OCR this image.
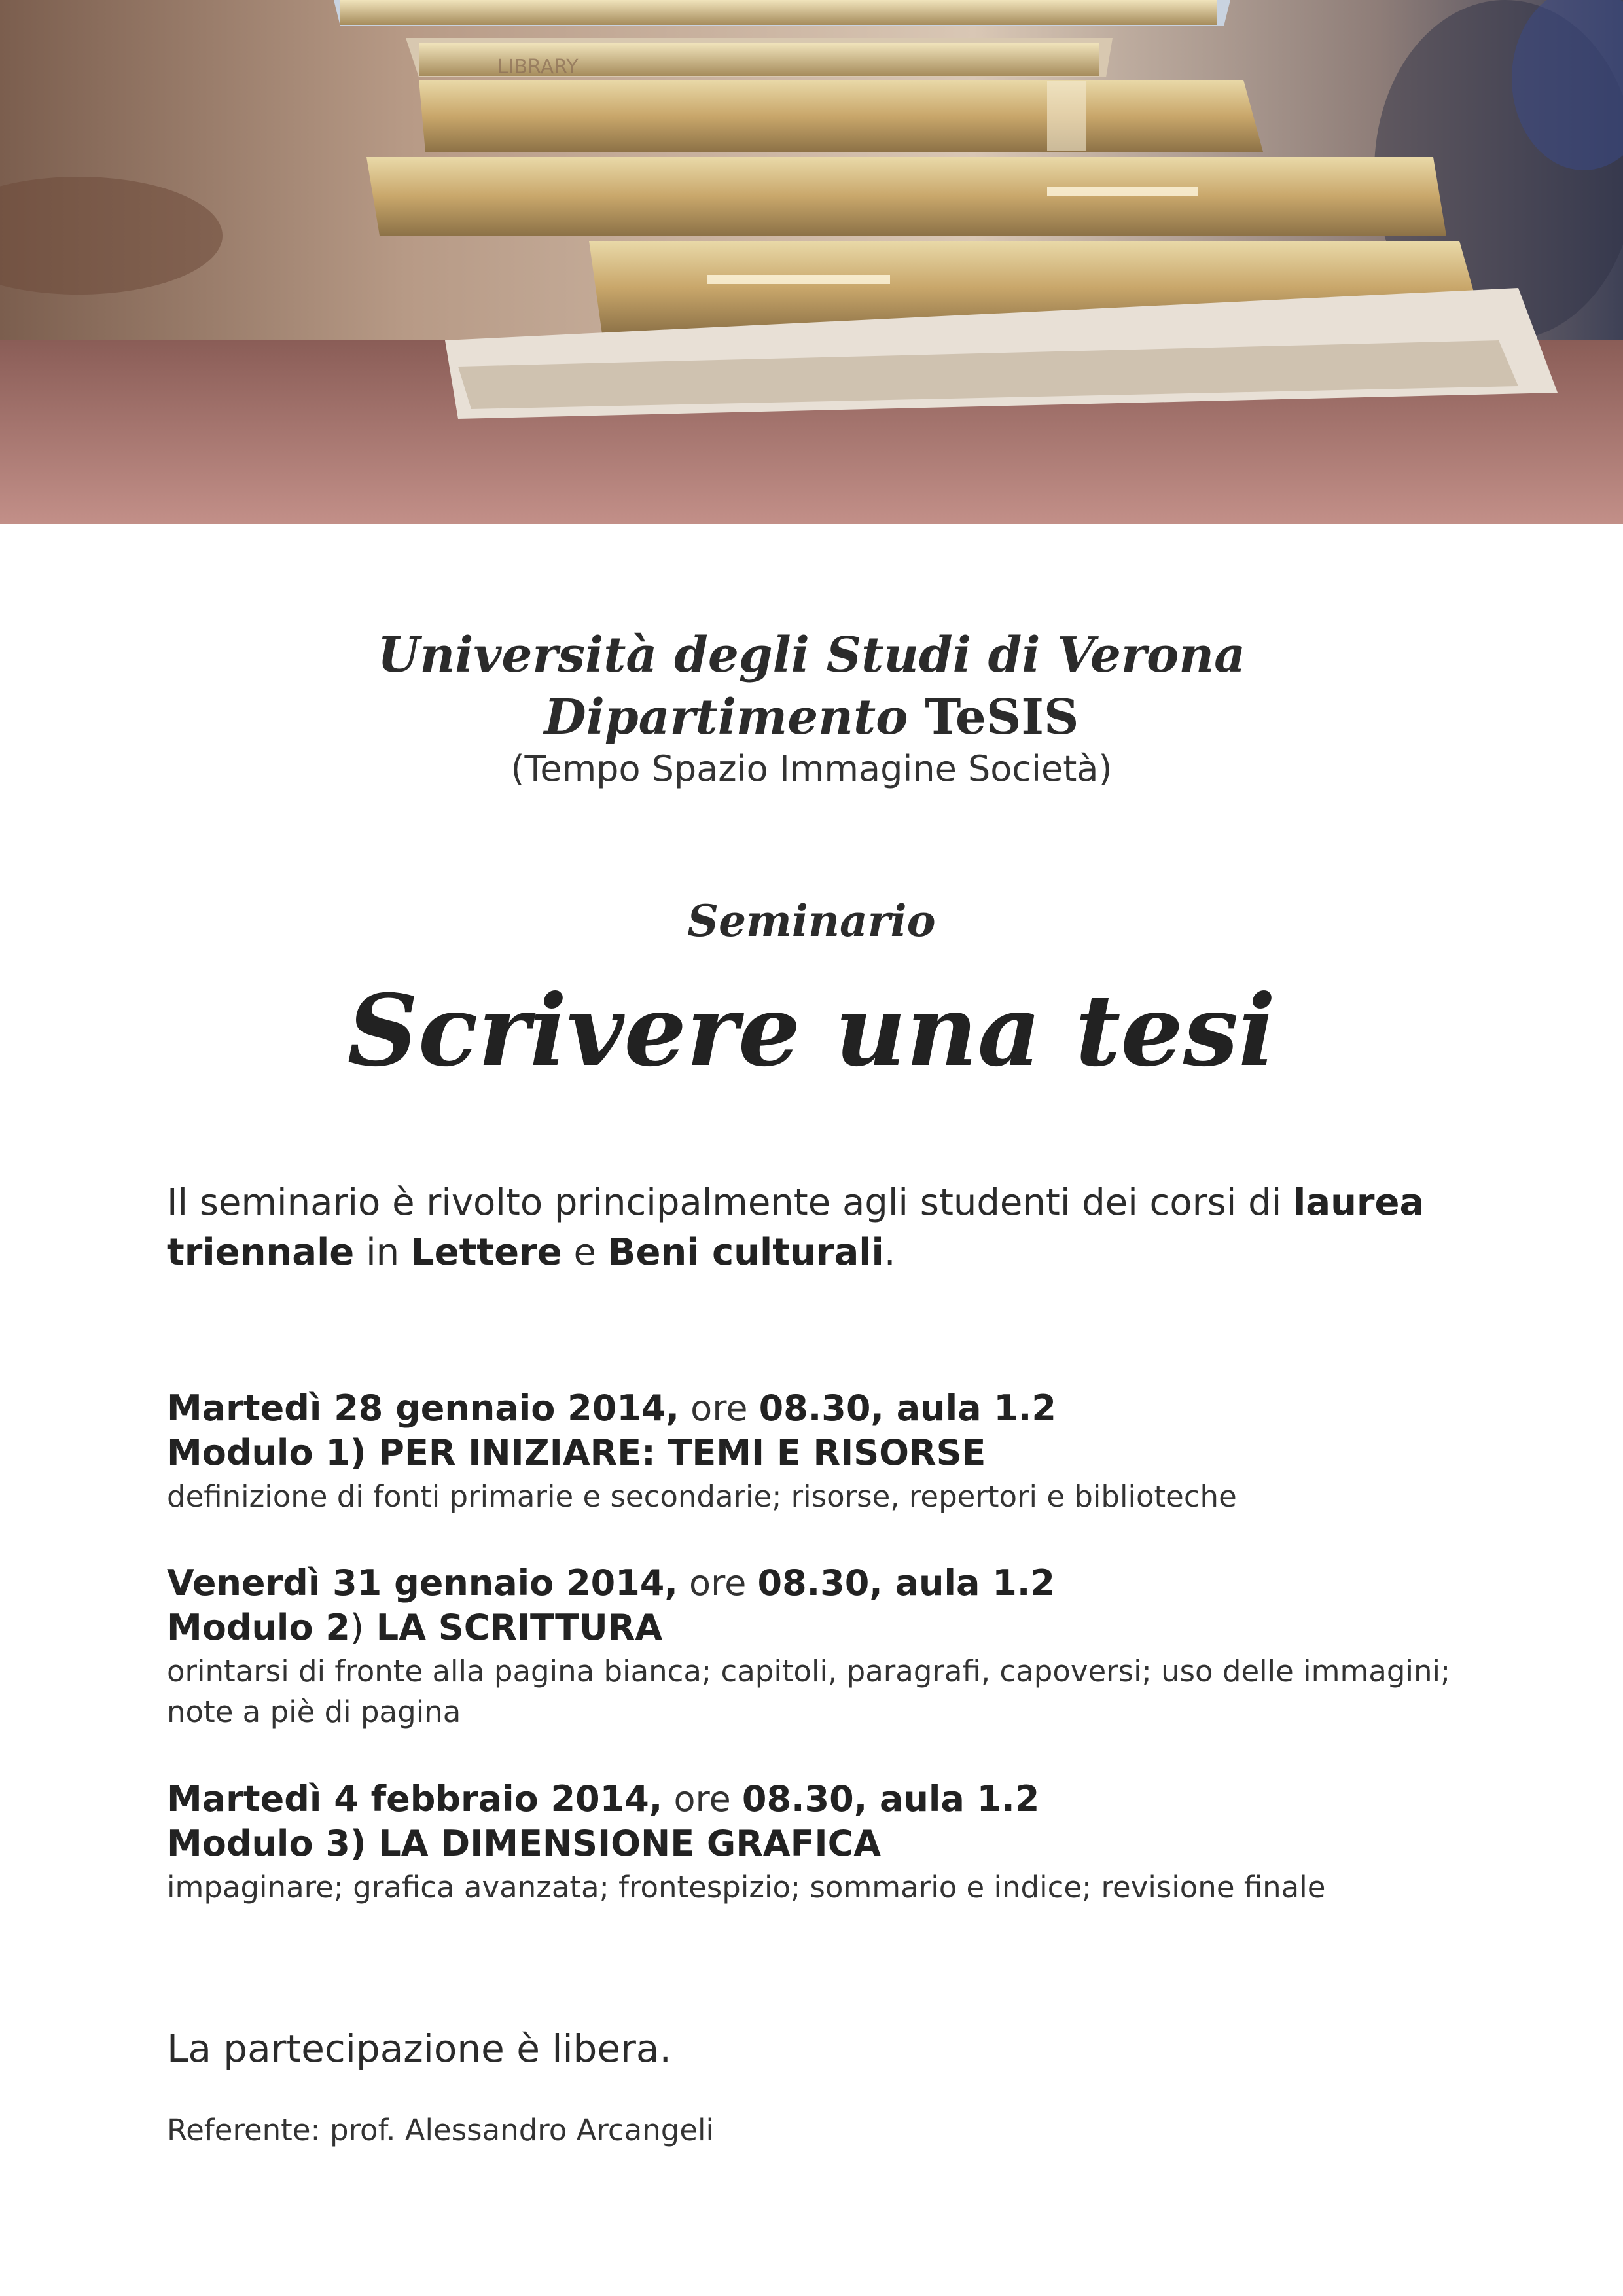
LIBRARY
Università degli Studi di Verona
Dipartimento TeSIS
(Tempo Spazio Immagine Società)
Seminario
Scrivere una tesi
Il seminario è rivolto principalmente agli studenti dei corsi di laurea triennale in Lettere e Beni culturali.
Martedì 28 gennaio 2014, ore 08.30, aula 1.2
Modulo 1) PER INIZIARE: TEMI E RISORSE
definizione di fonti primarie e secondarie; risorse, repertori e biblioteche
Venerdì 31 gennaio 2014, ore 08.30, aula 1.2
Modulo 2) LA SCRITTURA
orintarsi di fronte alla pagina bianca; capitoli, paragrafi, capoversi; uso delle immagini; note a piè di pagina
Martedì 4 febbraio 2014, ore 08.30, aula 1.2
Modulo 3) LA DIMENSIONE GRAFICA
impaginare; grafica avanzata; frontespizio; sommario e indice; revisione finale
La partecipazione è libera.
Referente: prof. Alessandro Arcangeli
